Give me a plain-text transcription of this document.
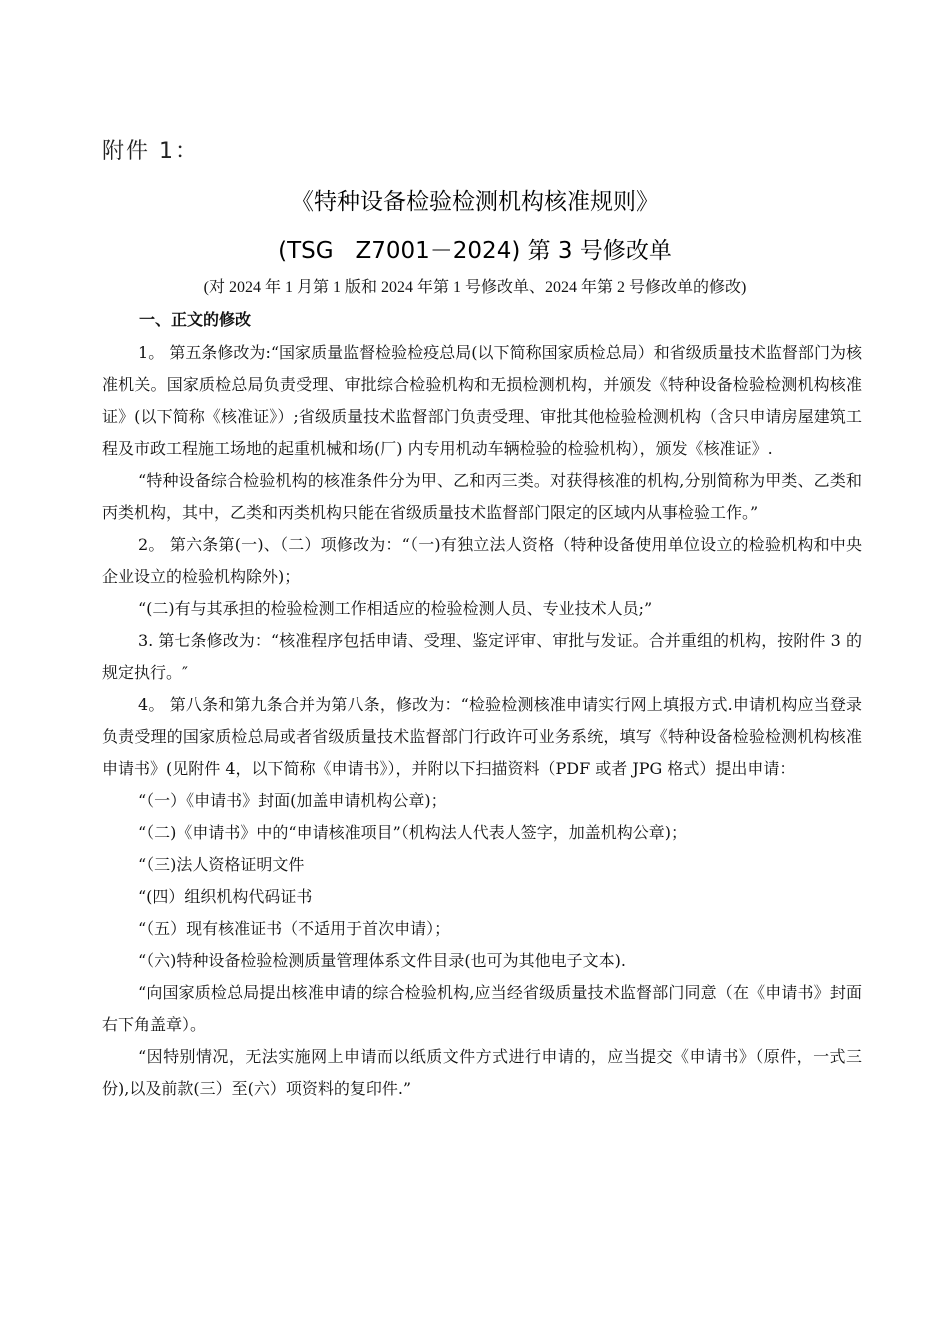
附件 1：
《特种设备检验检测机构核准规则》
(TSG   Z7001－2024) 第 3 号修改单
(对 2024 年 1 月第 1 版和 2024 年第 1 号修改单、2024 年第 2 号修改单的修改)
一、正文的修改

1。 第五条修改为:“国家质量监督检验检疫总局(以下简称国家质检总局）和省级质量技术监督部门为核准机关。国家质检总局负责受理、审批综合检验机构和无损检测机构，并颁发《特种设备检验检测机构核准证》(以下简称《核准证》）;省级质量技术监督部门负责受理、审批其他检验检测机构（含只申请房屋建筑工程及市政工程施工场地的起重机械和场(厂) 内专用机动车辆检验的检验机构），颁发《核准证》.

“特种设备综合检验机构的核准条件分为甲、乙和丙三类。对获得核准的机构,分别简称为甲类、乙类和丙类机构，其中，乙类和丙类机构只能在省级质量技术监督部门限定的区域内从事检验工作。”

2。 第六条第(一)、（二）项修改为：“（一)有独立法人资格（特种设备使用单位设立的检验机构和中央企业设立的检验机构除外)；

“(二)有与其承担的检验检测工作相适应的检验检测人员、专业技术人员;”

3. 第七条修改为：“核准程序包括申请、受理、鉴定评审、审批与发证。合并重组的机构，按附件 3 的规定执行。″

4。 第八条和第九条合并为第八条，修改为：“检验检测核准申请实行网上填报方式.申请机构应当登录负责受理的国家质检总局或者省级质量技术监督部门行政许可业务系统，填写《特种设备检验检测机构核准申请书》(见附件 4，以下简称《申请书》），并附以下扫描资料（PDF 或者 JPG 格式）提出申请：

“（一）《申请书》封面(加盖申请机构公章)；

“（二)《申请书》中的“申请核准项目”（机构法人代表人签字，加盖机构公章)；

“（三)法人资格证明文件

“(四）组织机构代码证书

“（五）现有核准证书（不适用于首次申请）；

“（六)特种设备检验检测质量管理体系文件目录(也可为其他电子文本).

“向国家质检总局提出核准申请的综合检验机构,应当经省级质量技术监督部门同意（在《申请书》封面右下角盖章）。

“因特别情况，无法实施网上申请而以纸质文件方式进行申请的，应当提交《申请书》（原件，一式三份),以及前款(三）至(六）项资料的复印件.”
